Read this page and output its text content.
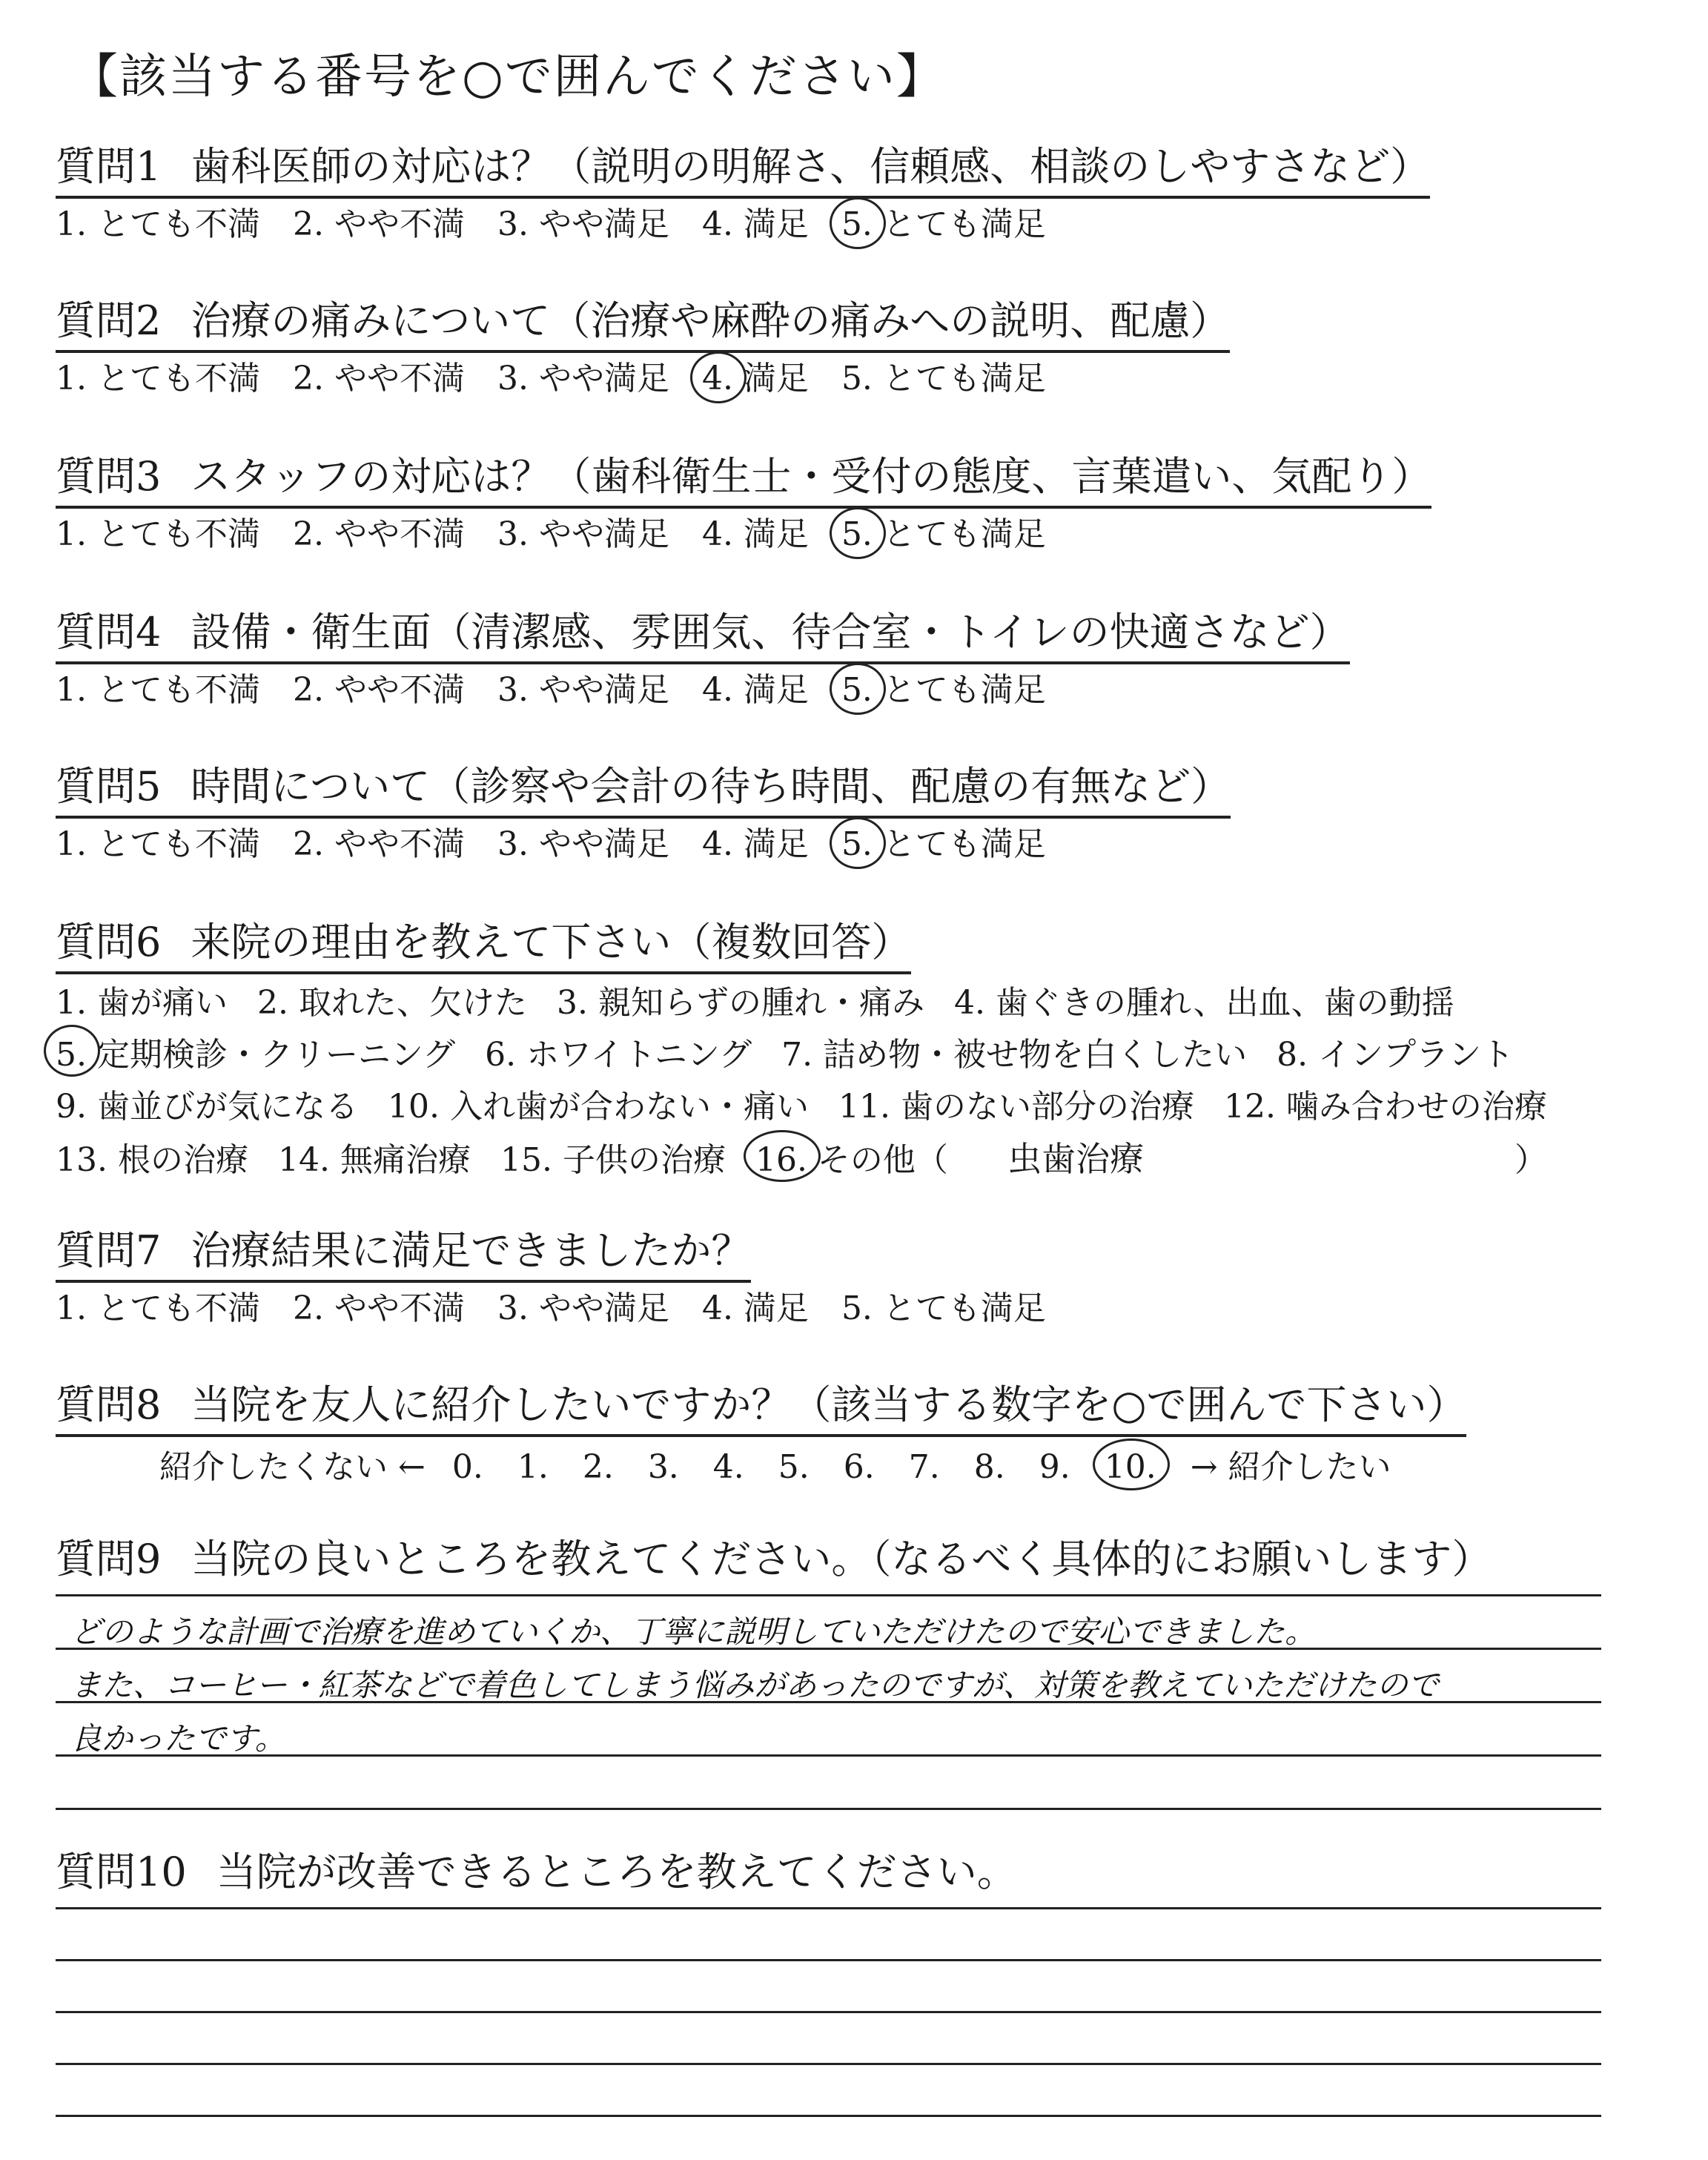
【該当する番号を○で囲んでください】
質問1 歯科医師の対応は？（説明の明解さ、信頼感、相談のしやすさなど）
1. とても不満 2. やや不満 3. やや満足 4. 満足 5. とても満足
質問2 治療の痛みについて（治療や麻酔の痛みへの説明、配慮）
1. とても不満 2. やや不満 3. やや満足 4. 満足 5. とても満足
質問3 スタッフの対応は？（歯科衛生士・受付の態度、言葉遣い、気配り）
1. とても不満 2. やや不満 3. やや満足 4. 満足 5. とても満足
質問4 設備・衛生面（清潔感、雰囲気、待合室・トイレの快適さなど）
1. とても不満 2. やや不満 3. やや満足 4. 満足 5. とても満足
質問5 時間について（診察や会計の待ち時間、配慮の有無など）
1. とても不満 2. やや不満 3. やや満足 4. 満足 5. とても満足
質問6 来院の理由を教えて下さい（複数回答）
1. 歯が痛い 2. 取れた、欠けた 3. 親知らずの腫れ・痛み 4. 歯ぐきの腫れ、出血、歯の動揺
5. 定期検診・クリーニング 6. ホワイトニング 7. 詰め物・被せ物を白くしたい 8. インプラント
9. 歯並びが気になる 10. 入れ歯が合わない・痛い 11. 歯のない部分の治療 12. 噛み合わせの治療
13. 根の治療 14. 無痛治療 15. 子供の治療 16. その他（ 虫歯治療	）
質問7 治療結果に満足できましたか？
1. とても不満 2. やや不満 3. やや満足 4. 満足 5. とても満足
質問8 当院を友人に紹介したいですか？（該当する数字を○で囲んで下さい）
紹介したくない ← 0. 1. 2. 3. 4. 5. 6. 7. 8. 9. 10. → 紹介したい
質問9 当院の良いところを教えてください。（なるべく具体的にお願いします）
どのような計画で治療を進めていくか、丁寧に説明していただけたので安心できました。
また、コーヒー・紅茶などで着色してしまう悩みがあったのですが、対策を教えていただけたので
良かったです。
質問10 当院が改善できるところを教えてください。
